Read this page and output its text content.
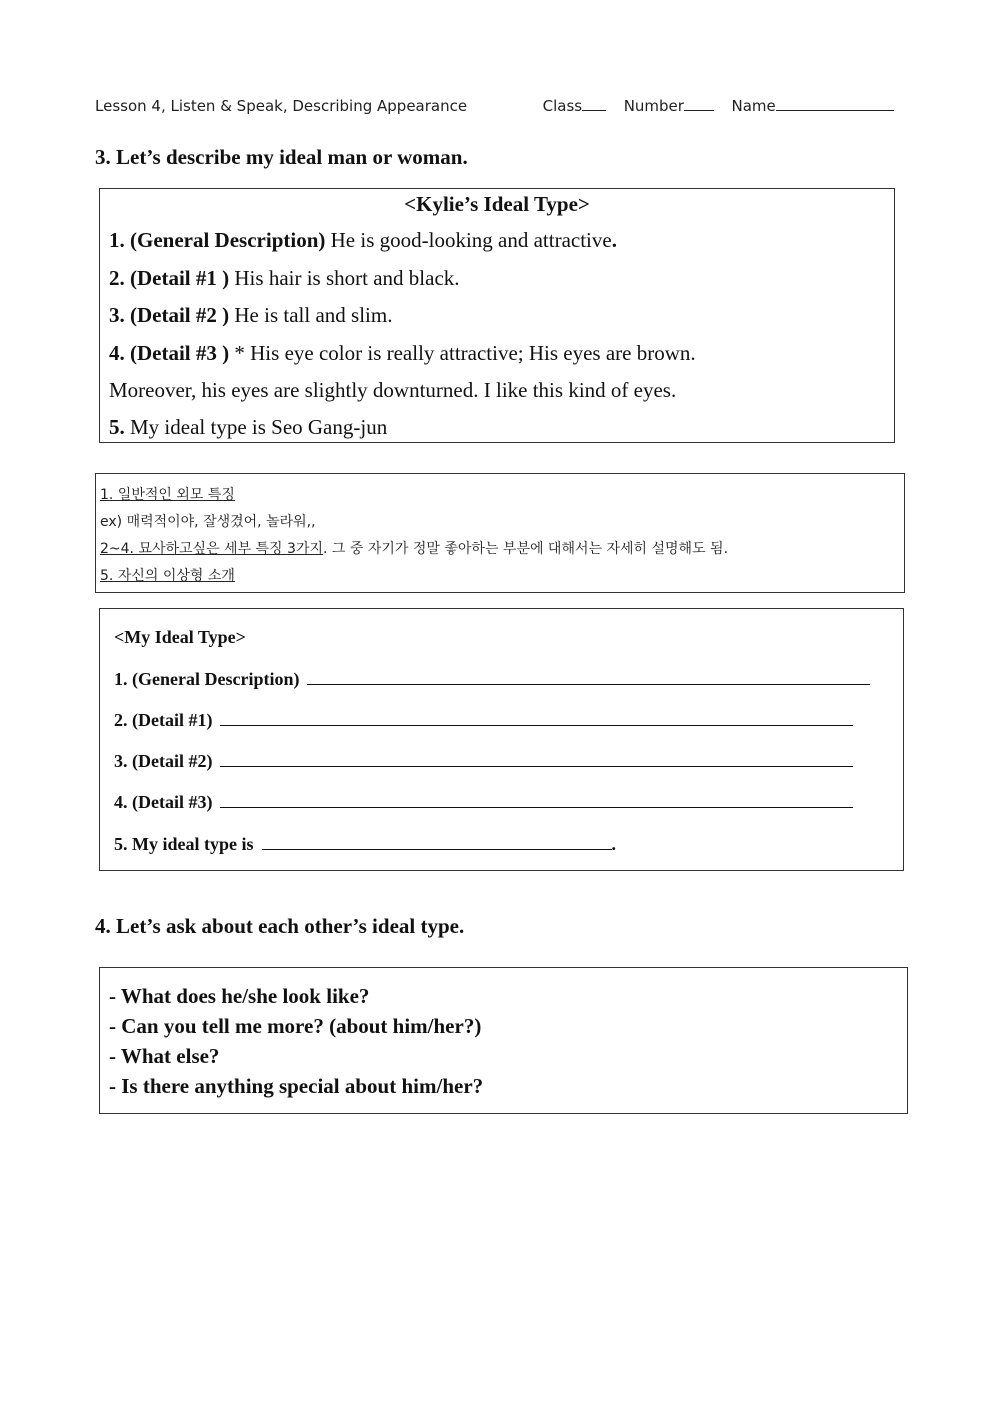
Lesson 4, Listen & Speak, Describing Appearance	Class	Number	Name
3. Let’s describe my ideal man or woman.
<Kylie’s Ideal Type>
1. (General Description) He is good-looking and attractive.
2. (Detail #1 ) His hair is short and black.
3. (Detail #2 ) He is tall and slim.
4. (Detail #3 ) * His eye color is really attractive; His eyes are brown.
Moreover, his eyes are slightly downturned. I like this kind of eyes.
5. My ideal type is Seo Gang-jun
1. 일반적인 외모 특징
ex) 매력적이야, 잘생겼어, 놀라워,,
2~4. 묘사하고싶은 세부 특징 3가지. 그 중 자기가 정말 좋아하는 부분에 대해서는 자세히 설명해도 됨.
5. 자신의 이상형 소개
<My Ideal Type>
1. (General Description)
2. (Detail #1)
3. (Detail #2)
4. (Detail #3)
5. My ideal type is	.
4. Let’s ask about each other’s ideal type.
- What does he/she look like?
- Can you tell me more? (about him/her?)
- What else?
- Is there anything special about him/her?
